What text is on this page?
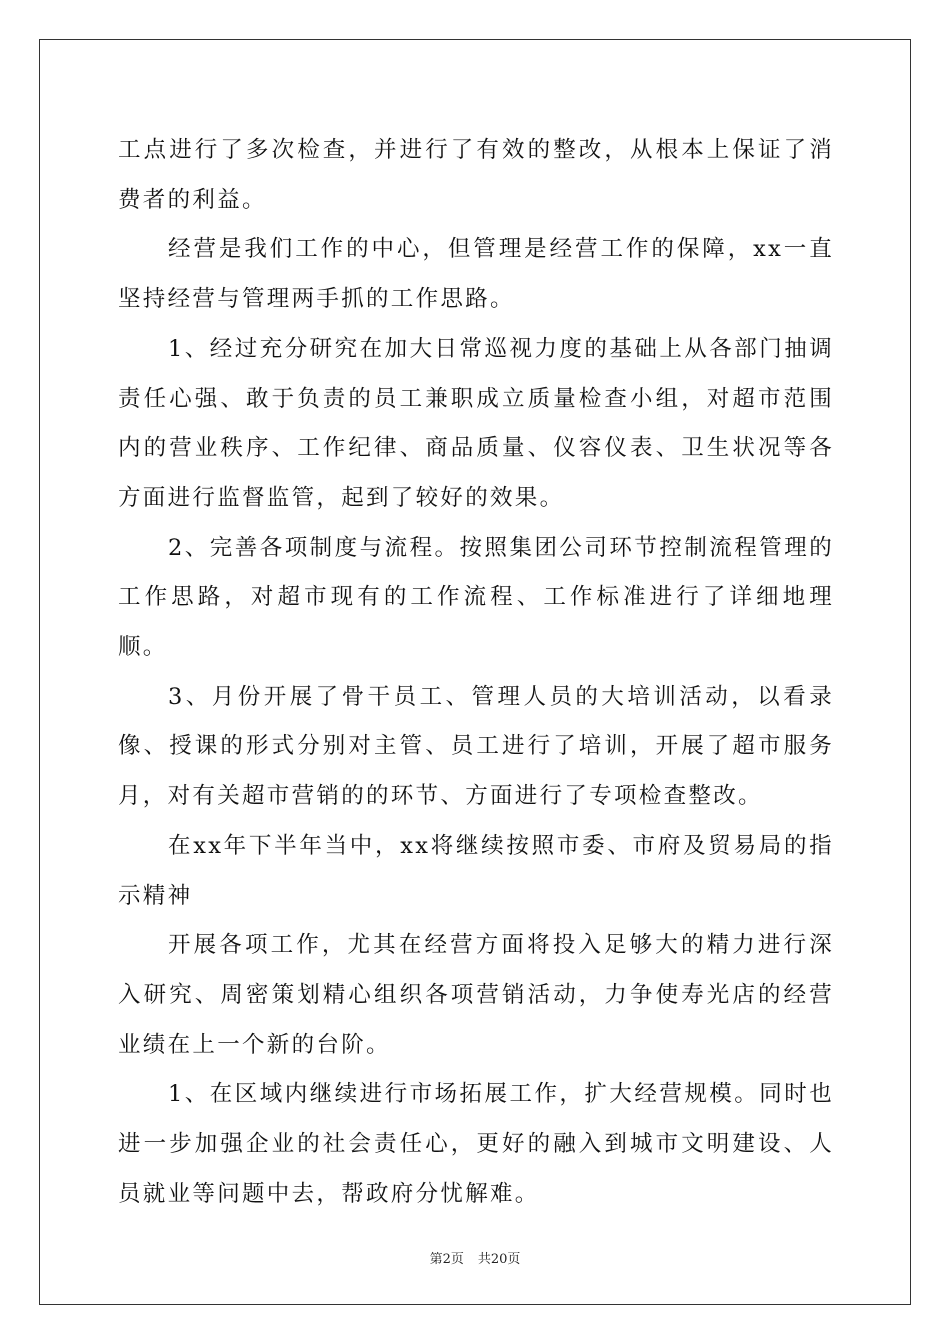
工点进行了多次检查，并进行了有效的整改，从根本上保证了消费者的利益。

经营是我们工作的中心，但管理是经营工作的保障，xx一直坚持经营与管理两手抓的工作思路。

1、经过充分研究在加大日常巡视力度的基础上从各部门抽调责任心强、敢于负责的员工兼职成立质量检查小组，对超市范围内的营业秩序、工作纪律、商品质量、仪容仪表、卫生状况等各方面进行监督监管，起到了较好的效果。

2、完善各项制度与流程。按照集团公司环节控制流程管理的工作思路，对超市现有的工作流程、工作标准进行了详细地理顺。

3、月份开展了骨干员工、管理人员的大培训活动，以看录像、授课的形式分别对主管、员工进行了培训，开展了超市服务月，对有关超市营销的的环节、方面进行了专项检查整改。

在xx年下半年当中，xx将继续按照市委、市府及贸易局的指示精神

开展各项工作，尤其在经营方面将投入足够大的精力进行深入研究、周密策划精心组织各项营销活动，力争使寿光店的经营业绩在上一个新的台阶。

1、在区域内继续进行市场拓展工作，扩大经营规模。同时也进一步加强企业的社会责任心，更好的融入到城市文明建设、人员就业等问题中去，帮政府分忧解难。

第2页 共20页
